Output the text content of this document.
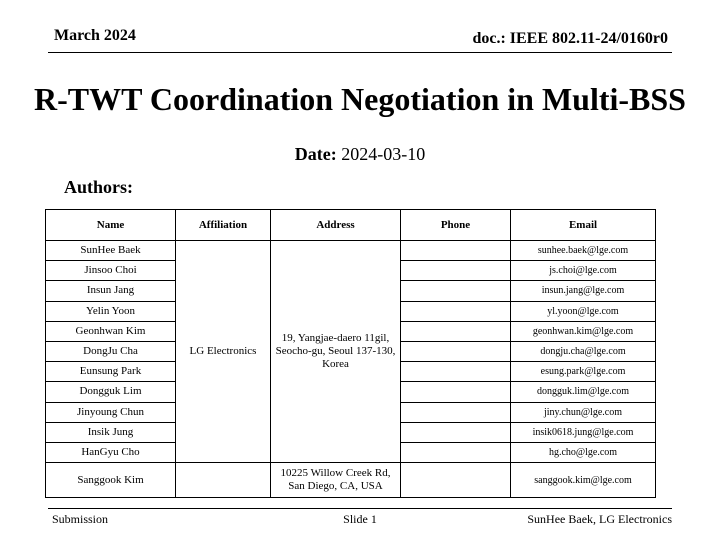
March 2024	doc.: IEEE 802.11-24/0160r0
R-TWT Coordination Negotiation in Multi-BSS
Date: 2024-03-10
Authors:
Name	Affiliation	Address	Phone	Email
SunHee Baek	LG Electronics	19, Yangjae-daero 11gil, Seocho-gu, Seoul 137-130, Korea		sunhee.baek@lge.com
Jinsoo Choi				js.choi@lge.com
Insun Jang				insun.jang@lge.com
Yelin Yoon				yl.yoon@lge.com
Geonhwan Kim				geonhwan.kim@lge.com
DongJu Cha				dongju.cha@lge.com
Eunsung Park				esung.park@lge.com
Dongguk Lim				dongguk.lim@lge.com
Jinyoung Chun				jiny.chun@lge.com
Insik Jung				insik0618.jung@lge.com
HanGyu Cho				hg.cho@lge.com
Sanggook Kim		10225 Willow Creek Rd, San Diego, CA, USA		sanggook.kim@lge.com
Submission	Slide 1	SunHee Baek, LG Electronics
